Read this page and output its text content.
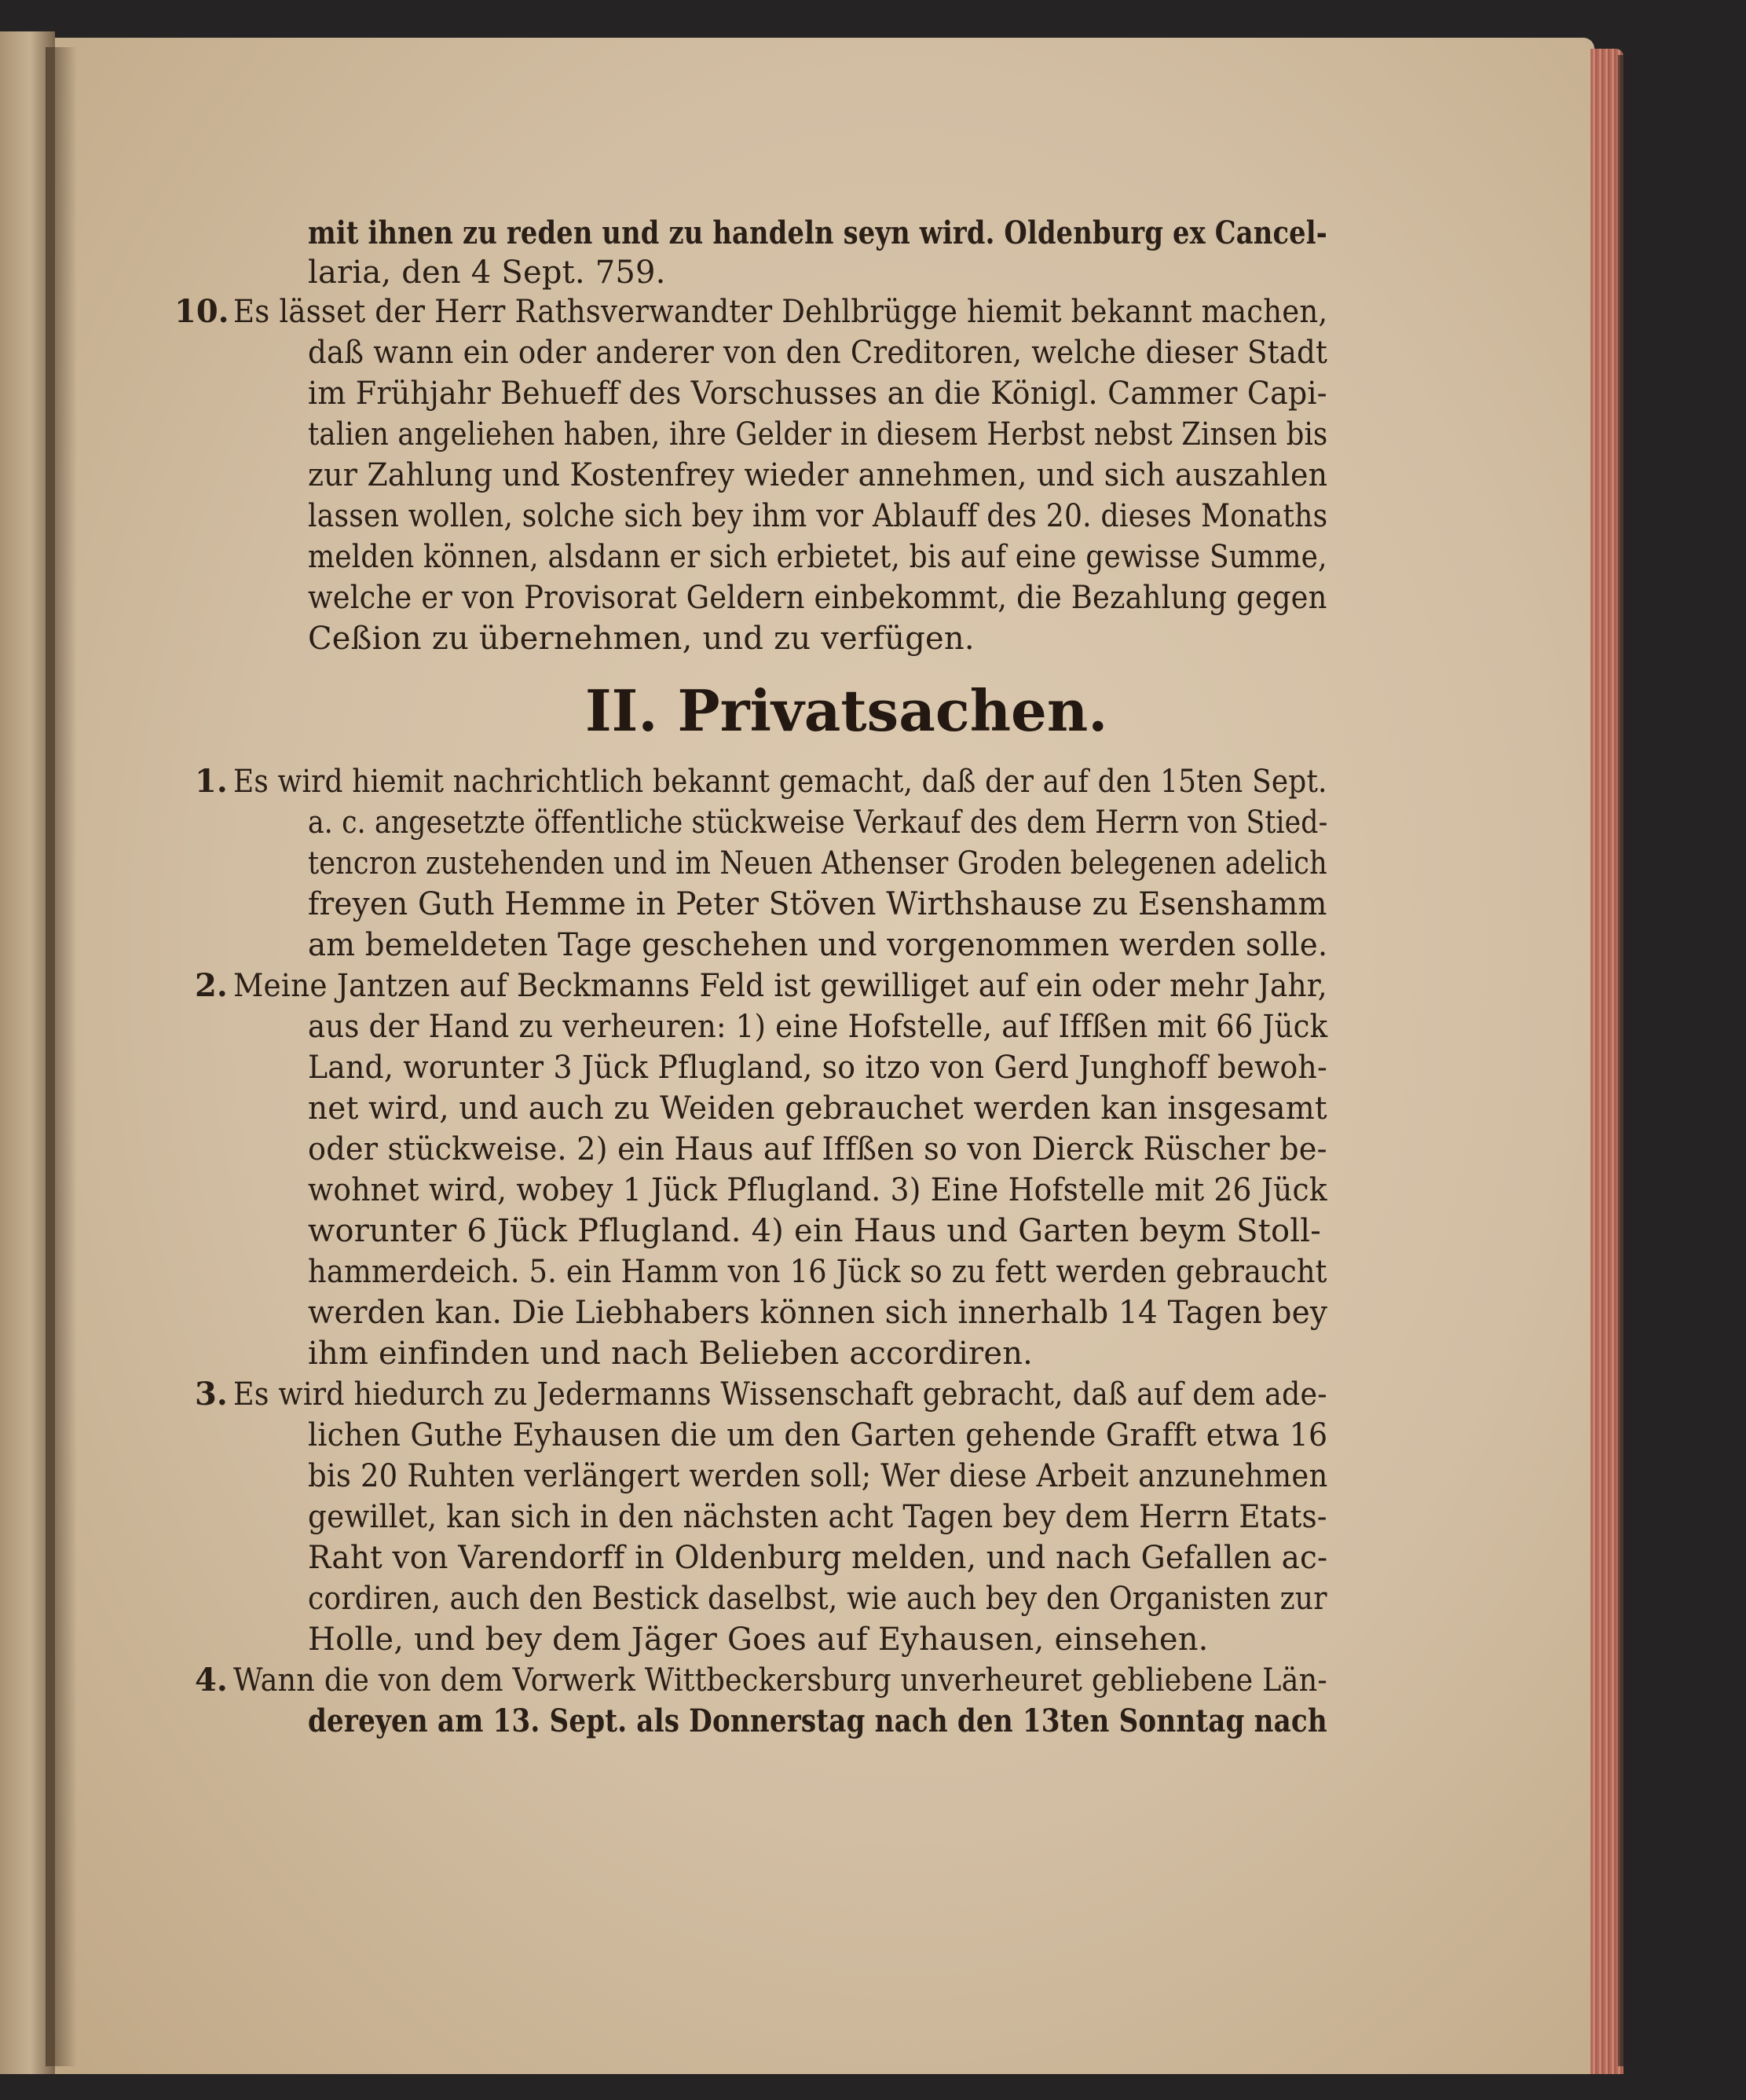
mit ihnen zu reden und zu handeln seyn wird. Oldenburg ex Cancel-

laria, den 4 Sept. 759.

10. Es lässet der Herr Rathsverwandter Dehlbrügge hiemit bekannt machen,

daß wann ein oder anderer von den Creditoren, welche dieser Stadt

im Frühjahr Behueff des Vorschusses an die Königl. Cammer Capi-

talien angeliehen haben, ihre Gelder in diesem Herbst nebst Zinsen bis

zur Zahlung und Kostenfrey wieder annehmen, und sich auszahlen

lassen wollen, solche sich bey ihm vor Ablauff des 20. dieses Monaths

melden können, alsdann er sich erbietet, bis auf eine gewisse Summe,

welche er von Provisorat Geldern einbekommt, die Bezahlung gegen

Ceßion zu übernehmen, und zu verfügen.

II. Privatsachen.

1. Es wird hiemit nachrichtlich bekannt gemacht, daß der auf den 15ten Sept.

a. c. angesetzte öffentliche stückweise Verkauf des dem Herrn von Stied-

tencron zustehenden und im Neuen Athenser Groden belegenen adelich

freyen Guth Hemme in Peter Stöven Wirthshause zu Esenshamm

am bemeldeten Tage geschehen und vorgenommen werden solle.

2. Meine Jantzen auf Beckmanns Feld ist gewilliget auf ein oder mehr Jahr,

aus der Hand zu verheuren: 1) eine Hofstelle, auf Iffßen mit 66 Jück

Land, worunter 3 Jück Pflugland, so itzo von Gerd Junghoff bewoh-

net wird, und auch zu Weiden gebrauchet werden kan insgesamt

oder stückweise. 2) ein Haus auf Iffßen so von Dierck Rüscher be-

wohnet wird, wobey 1 Jück Pflugland. 3) Eine Hofstelle mit 26 Jück

worunter 6 Jück Pflugland. 4) ein Haus und Garten beym Stoll-

hammerdeich. 5. ein Hamm von 16 Jück so zu fett werden gebraucht

werden kan. Die Liebhabers können sich innerhalb 14 Tagen bey

ihm einfinden und nach Belieben accordiren.

3. Es wird hiedurch zu Jedermanns Wissenschaft gebracht, daß auf dem ade-

lichen Guthe Eyhausen die um den Garten gehende Grafft etwa 16

bis 20 Ruhten verlängert werden soll; Wer diese Arbeit anzunehmen

gewillet, kan sich in den nächsten acht Tagen bey dem Herrn Etats-

Raht von Varendorff in Oldenburg melden, und nach Gefallen ac-

cordiren, auch den Bestick daselbst, wie auch bey den Organisten zur

Holle, und bey dem Jäger Goes auf Eyhausen, einsehen.

4. Wann die von dem Vorwerk Wittbeckersburg unverheuret gebliebene Län-

dereyen am 13. Sept. als Donnerstag nach den 13ten Sonntag nach
